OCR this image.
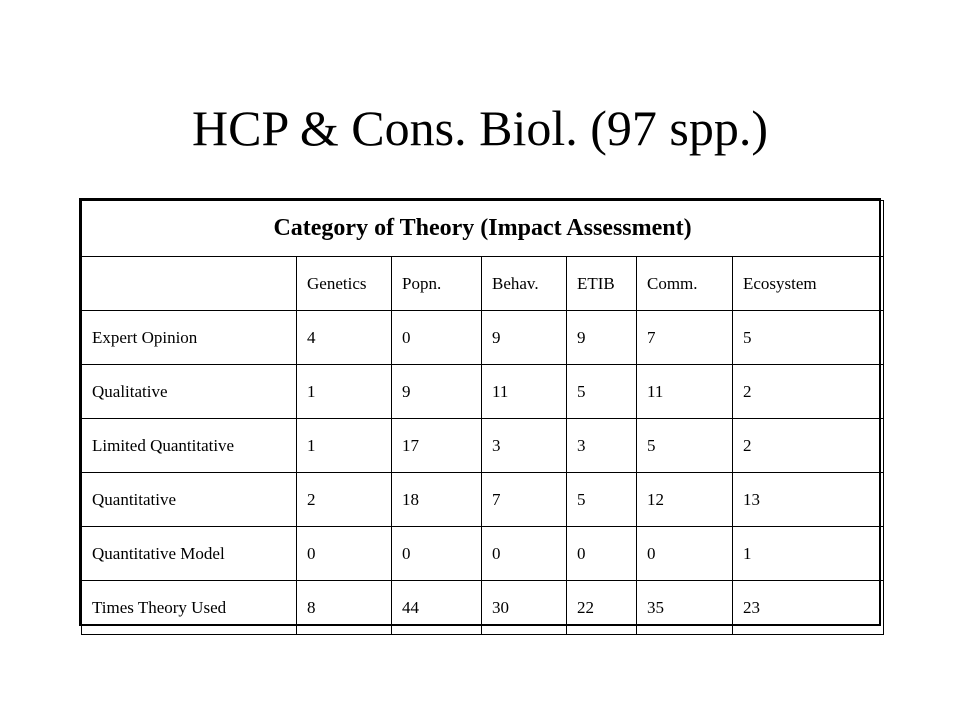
HCP & Cons. Biol. (97 spp.)
Category of Theory (Impact Assessment)						
	Genetics	Popn.	Behav.	ETIB	Comm.	Ecosystem
Expert Opinion	4	0	9	9	7	5
Qualitative	1	9	11	5	11	2
Limited Quantitative	1	17	3	3	5	2
Quantitative	2	18	7	5	12	13
Quantitative Model	0	0	0	0	0	1
Times Theory Used	8	44	30	22	35	23
